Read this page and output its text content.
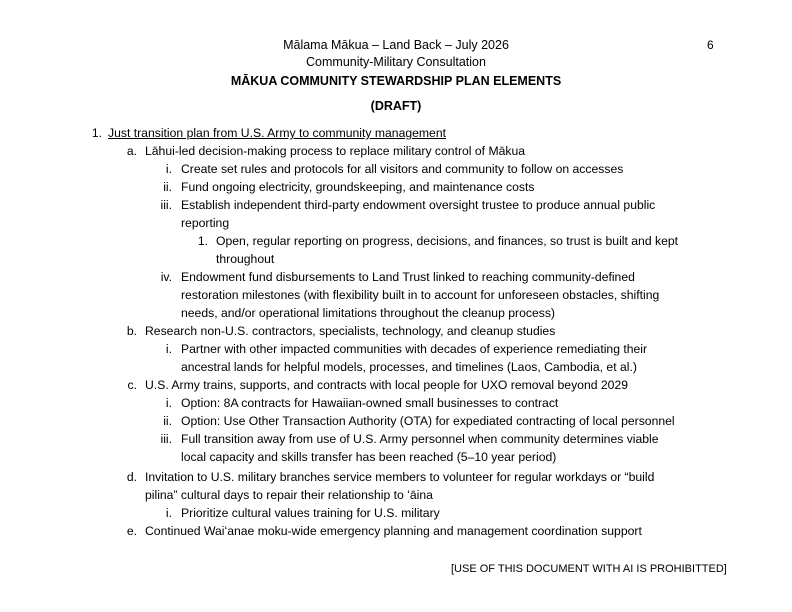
Mālama Mākua – Land Back – July 2026
Community-Military Consultation
6
MĀKUA COMMUNITY STEWARDSHIP PLAN ELEMENTS
(DRAFT)
1. Just transition plan from U.S. Army to community management
a. Lāhui-led decision-making process to replace military control of Mākua
i. Create set rules and protocols for all visitors and community to follow on accesses
ii. Fund ongoing electricity, groundskeeping, and maintenance costs
iii. Establish independent third-party endowment oversight trustee to produce annual public
reporting
1. Open, regular reporting on progress, decisions, and finances, so trust is built and kept
throughout
iv. Endowment fund disbursements to Land Trust linked to reaching community-defined
restoration milestones (with flexibility built in to account for unforeseen obstacles, shifting
needs, and/or operational limitations throughout the cleanup process)
b. Research non-U.S. contractors, specialists, technology, and cleanup studies
i. Partner with other impacted communities with decades of experience remediating their
ancestral lands for helpful models, processes, and timelines (Laos, Cambodia, et al.)
c. U.S. Army trains, supports, and contracts with local people for UXO removal beyond 2029
i. Option: 8A contracts for Hawaiian-owned small businesses to contract
ii. Option: Use Other Transaction Authority (OTA) for expediated contracting of local personnel
iii. Full transition away from use of U.S. Army personnel when community determines viable
local capacity and skills transfer has been reached (5–10 year period)
d. Invitation to U.S. military branches service members to volunteer for regular workdays or “build
pilina” cultural days to repair their relationship to ʻāina
i. Prioritize cultural values training for U.S. military
e. Continued Waiʻanae moku-wide emergency planning and management coordination support
[USE OF THIS DOCUMENT WITH AI IS PROHIBITTED]
